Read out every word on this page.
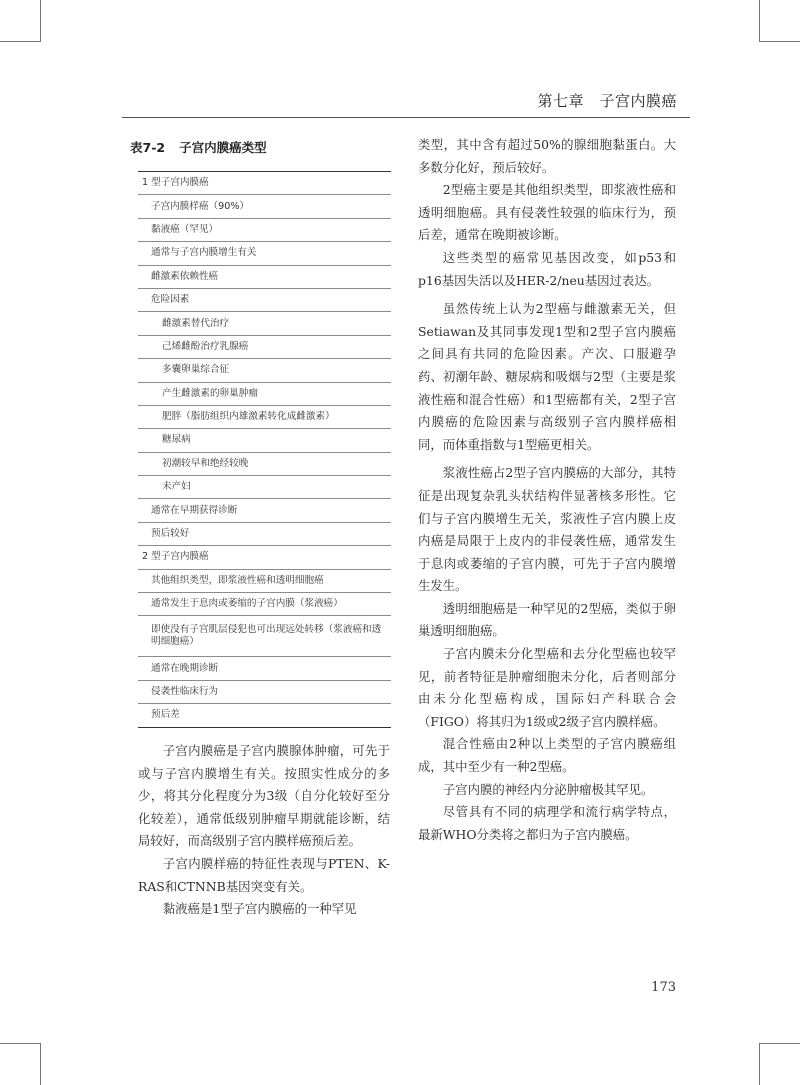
第七章　子宫内膜癌
表7-2 子宫内膜癌类型
1 型子宫内膜癌
子宫内膜样癌（90%）
黏液癌（罕见）
通常与子宫内膜增生有关
雌激素依赖性癌
危险因素
雌激素替代治疗
己烯雌酚治疗乳腺癌
多囊卵巢综合征
产生雌激素的卵巢肿瘤
肥胖（脂肪组织内雄激素转化成雌激素）
糖尿病
初潮较早和绝经较晚
未产妇
通常在早期获得诊断
预后较好
2 型子宫内膜癌
其他组织类型，即浆液性癌和透明细胞癌
通常发生于息肉或萎缩的子宫内膜（浆液癌）
即使没有子宫肌层侵犯也可出现远处转移（浆液癌和透明细胞癌）
通常在晚期诊断
侵袭性临床行为
预后差

子宫内膜癌是子宫内膜腺体肿瘤，可先于或与子宫内膜增生有关。按照实性成分的多少，将其分化程度分为3级（自分化较好至分化较差），通常低级别肿瘤早期就能诊断，结局较好，而高级别子宫内膜样癌预后差。

子宫内膜样癌的特征性表现与PTEN、K-RAS和CTNNB基因突变有关。

黏液癌是1型子宫内膜癌的一种罕见

类型，其中含有超过50%的腺细胞黏蛋白。大多数分化好，预后较好。

2型癌主要是其他组织类型，即浆液性癌和透明细胞癌。具有侵袭性较强的临床行为，预后差，通常在晚期被诊断。

这些类型的癌常见基因改变，如p53和p16基因失活以及HER-2/neu基因过表达。

虽然传统上认为2型癌与雌激素无关，但Setiawan及其同事发现1型和2型子宫内膜癌之间具有共同的危险因素。产次、口服避孕药、初潮年龄、糖尿病和吸烟与2型（主要是浆液性癌和混合性癌）和1型癌都有关，2型子宫内膜癌的危险因素与高级别子宫内膜样癌相同，而体重指数与1型癌更相关。

浆液性癌占2型子宫内膜癌的大部分，其特征是出现复杂乳头状结构伴显著核多形性。它们与子宫内膜增生无关，浆液性子宫内膜上皮内癌是局限于上皮内的非侵袭性癌，通常发生于息肉或萎缩的子宫内膜，可先于子宫内膜增生发生。

透明细胞癌是一种罕见的2型癌，类似于卵巢透明细胞癌。

子宫内膜未分化型癌和去分化型癌也较罕见，前者特征是肿瘤细胞未分化，后者则部分由未分化型癌构成，国际妇产科联合会（FIGO）将其归为1级或2级子宫内膜样癌。

混合性癌由2种以上类型的子宫内膜癌组成，其中至少有一种2型癌。

子宫内膜的神经内分泌肿瘤极其罕见。

尽管具有不同的病理学和流行病学特点，最新WHO分类将之都归为子宫内膜癌。

173
